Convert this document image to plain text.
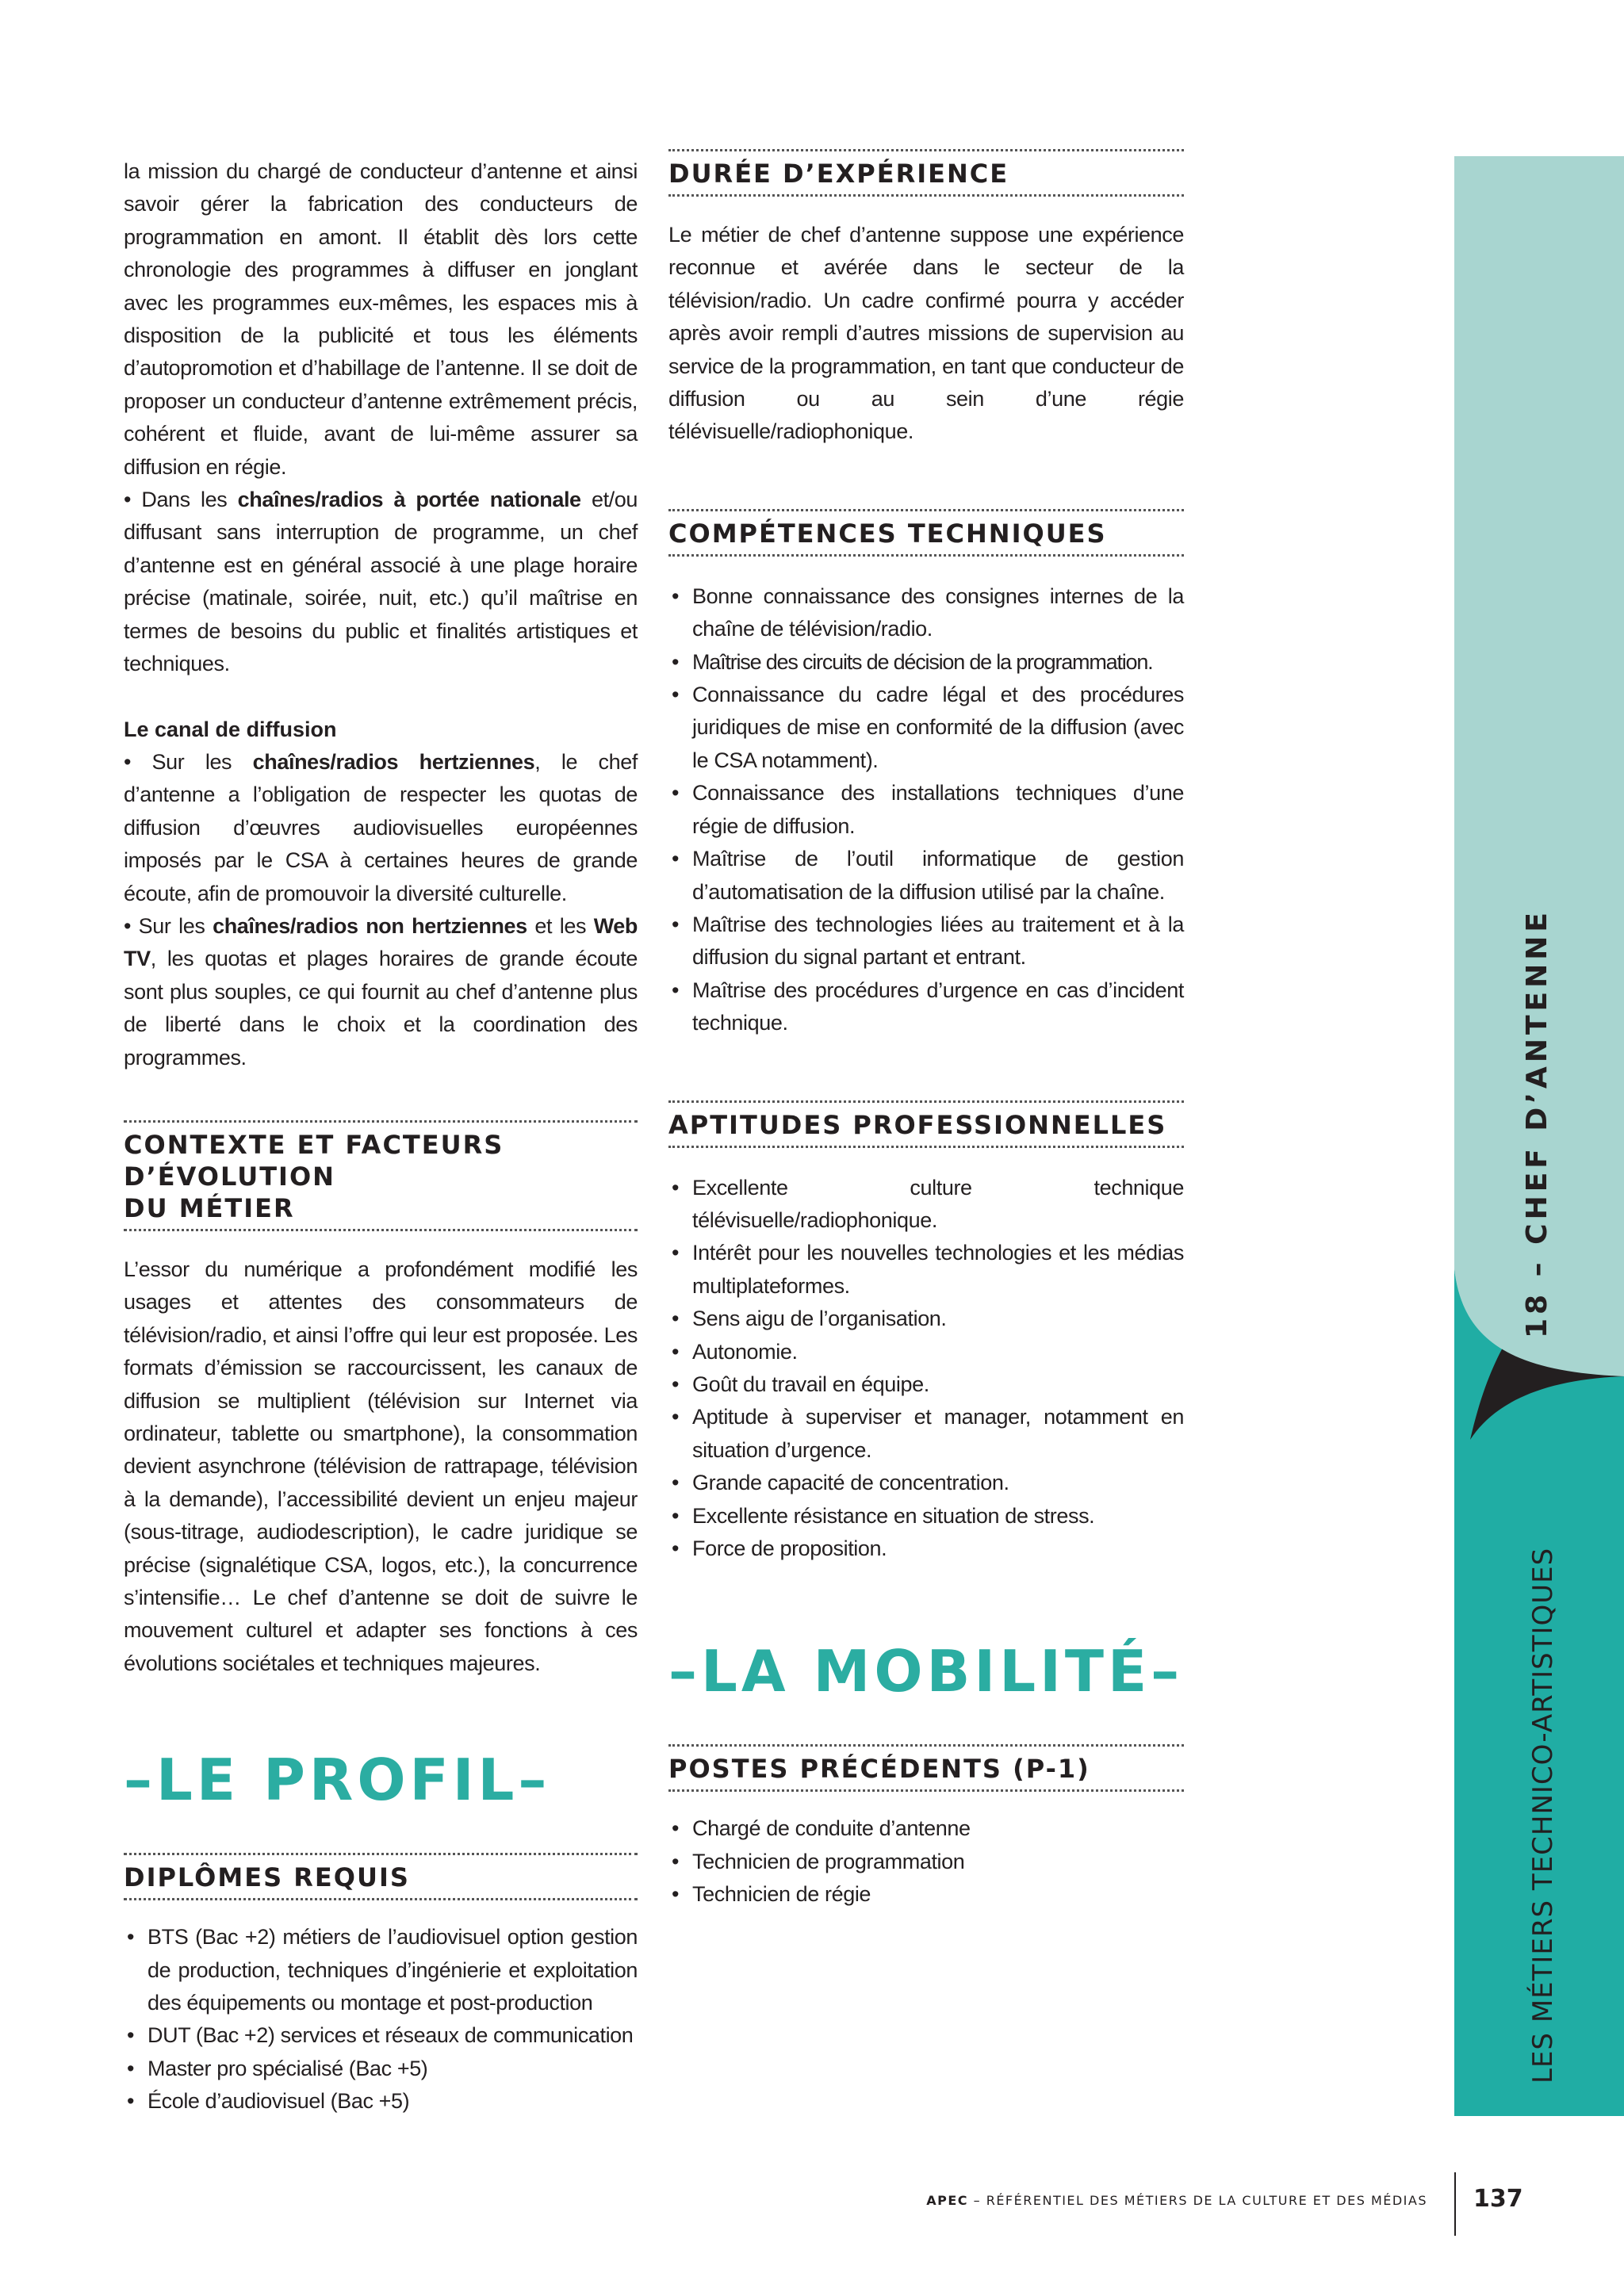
la mission du chargé de conducteur d’antenne et ainsi savoir gérer la fabrication des conducteurs de programmation en amont. Il établit dès lors cette chronologie des programmes à diffuser en jonglant avec les programmes eux-mêmes, les espaces mis à disposition de la publicité et tous les éléments d’autopromotion et d’habillage de l’antenne. Il se doit de proposer un conducteur d’antenne extrêmement précis, cohérent et fluide, avant de lui-même assurer sa diffusion en régie.

• Dans les chaînes/radios à portée nationale et/ou diffusant sans interruption de programme, un chef d’antenne est en général associé à une plage horaire précise (matinale, soirée, nuit, etc.) qu’il maîtrise en termes de besoins du public et finalités artistiques et techniques.

Le canal de diffusion

• Sur les chaînes/radios hertziennes, le chef d’antenne a l’obligation de respecter les quotas de diffusion d’œuvres audiovisuelles européennes imposés par le CSA à certaines heures de grande écoute, afin de promouvoir la diversité culturelle.

• Sur les chaînes/radios non hertziennes et les Web TV, les quotas et plages horaires de grande écoute sont plus souples, ce qui fournit au chef d’antenne plus de liberté dans le choix et la coordination des programmes.

CONTEXTE ET FACTEURS D’ÉVOLUTION
DU MÉTIER

L’essor du numérique a profondément modifié les usages et attentes des consommateurs de télévision/radio, et ainsi l’offre qui leur est proposée. Les formats d’émission se raccourcissent, les canaux de diffusion se multiplient (télévision sur Internet via ordinateur, tablette ou smartphone), la consommation devient asynchrone (télévision de rattrapage, télévision à la demande), l’accessibilité devient un enjeu majeur (sous-titrage, audiodescription), le cadre juridique se précise (signalétique CSA, logos, etc.), la concurrence s’intensifie… Le chef d’antenne se doit de suivre le mouvement culturel et adapter ses fonctions à ces évolutions sociétales et techniques majeures.

–LE PROFIL–
DIPLÔMES REQUIS
• BTS (Bac +2) métiers de l’audiovisuel option gestion de production, techniques d’ingénierie et exploitation des équipements ou montage et post-production
• DUT (Bac +2) services et réseaux de communication
• Master pro spécialisé (Bac +5)
• École d’audiovisuel (Bac +5)
DURÉE D’EXPÉRIENCE

Le métier de chef d’antenne suppose une expérience reconnue et avérée dans le secteur de la télévision/radio. Un cadre confirmé pourra y accéder après avoir rempli d’autres missions de supervision au service de la programmation, en tant que conducteur de diffusion ou au sein d’une régie télévisuelle/radiophonique.

COMPÉTENCES TECHNIQUES
• Bonne connaissance des consignes internes de la chaîne de télévision/radio.
• Maîtrise des circuits de décision de la programmation.
• Connaissance du cadre légal et des procédures juridiques de mise en conformité de la diffusion (avec le CSA notamment).
• Connaissance des installations techniques d’une régie de diffusion.
• Maîtrise de l’outil informatique de gestion d’automatisation de la diffusion utilisé par la chaîne.
• Maîtrise des technologies liées au traitement et à la diffusion du signal partant et entrant.
• Maîtrise des procédures d’urgence en cas d’incident technique.
APTITUDES PROFESSIONNELLES
• Excellente culture technique télévisuelle/radiophonique.
• Intérêt pour les nouvelles technologies et les médias multiplateformes.
• Sens aigu de l’organisation.
• Autonomie.
• Goût du travail en équipe.
• Aptitude à superviser et manager, notamment en situation d’urgence.
• Grande capacité de concentration.
• Excellente résistance en situation de stress.
• Force de proposition.
–LA MOBILITÉ–
POSTES PRÉCÉDENTS (P-1)
• Chargé de conduite d’antenne
• Technicien de programmation
• Technicien de régie
18 – CHEF D’ANTENNE
LES MÉTIERS TECHNICO-ARTISTIQUES
APEC – RÉFÉRENTIEL DES MÉTIERS DE LA CULTURE ET DES MÉDIAS 137
